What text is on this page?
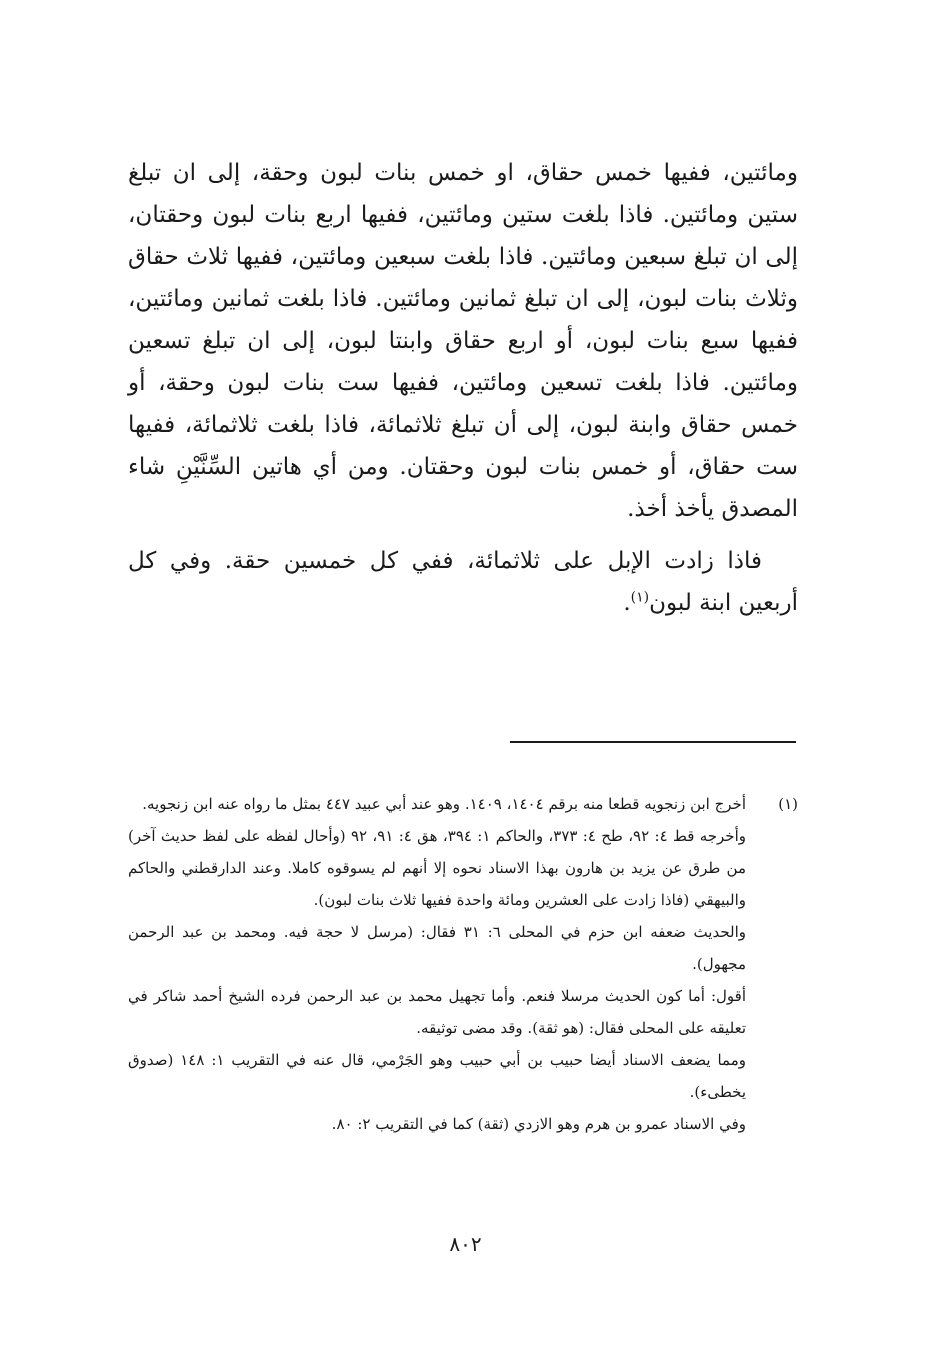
ومائتين، ففيها خمس حقاق، او خمس بنات لبون وحقة، إلى ان تبلغ ستين ومائتين. فاذا بلغت ستين ومائتين، ففيها اربع بنات لبون وحقتان، إلى ان تبلغ سبعين ومائتين. فاذا بلغت سبعين ومائتين، ففيها ثلاث حقاق وثلاث بنات لبون، إلى ان تبلغ ثمانين ومائتين. فاذا بلغت ثمانين ومائتين، ففيها سبع بنات لبون، أو اربع حقاق وابنتا لبون، إلى ان تبلغ تسعين ومائتين. فاذا بلغت تسعين ومائتين، ففيها ست بنات لبون وحقة، أو خمس حقاق وابنة لبون، إلى أن تبلغ ثلاثمائة، فاذا بلغت ثلاثمائة، ففيها ست حقاق، أو خمس بنات لبون وحقتان. ومن أي هاتين السِّنَّيْنِ شاء المصدق يأخذ أخذ.

فاذا زادت الإبل على ثلاثمائة، ففي كل خمسين حقة. وفي كل أربعين ابنة لبون$^{(١)}$.

(١)

أخرج ابن زنجويه قطعا منه برقم ١٤٠٤، ١٤٠٩. وهو عند أبي عبيد ٤٤٧ بمثل ما رواه عنه ابن زنجويه.

وأخرجه قط ٤: ٩٢، طح ٤: ٣٧٣، والحاكم ١: ٣٩٤، هق ٤: ٩١، ٩٢ (وأحال لفظه على لفظ حديث آخر) من طرق عن يزيد بن هارون بهذا الاسناد نحوه إلا أنهم لم يسوقوه كاملا. وعند الدارقطني والحاكم والبيهقي (فاذا زادت على العشرين ومائة واحدة ففيها ثلاث بنات لبون).

والحديث ضعفه ابن حزم في المحلى ٦: ٣١ فقال: (مرسل لا حجة فيه. ومحمد بن عبد الرحمن مجهول).

أقول: أما كون الحديث مرسلا فنعم. وأما تجهيل محمد بن عبد الرحمن فرده الشيخ أحمد شاكر في تعليقه على المحلى فقال: (هو ثقة). وقد مضى توثيقه.

ومما يضعف الاسناد أيضا حبيب بن أبي حبيب وهو الجَرْمي، قال عنه في التقريب ١: ١٤٨ (صدوق يخطىء).

وفي الاسناد عمرو بن هرم وهو الازدي (ثقة) كما في التقريب ٢: ٨٠.

٨٠٢
